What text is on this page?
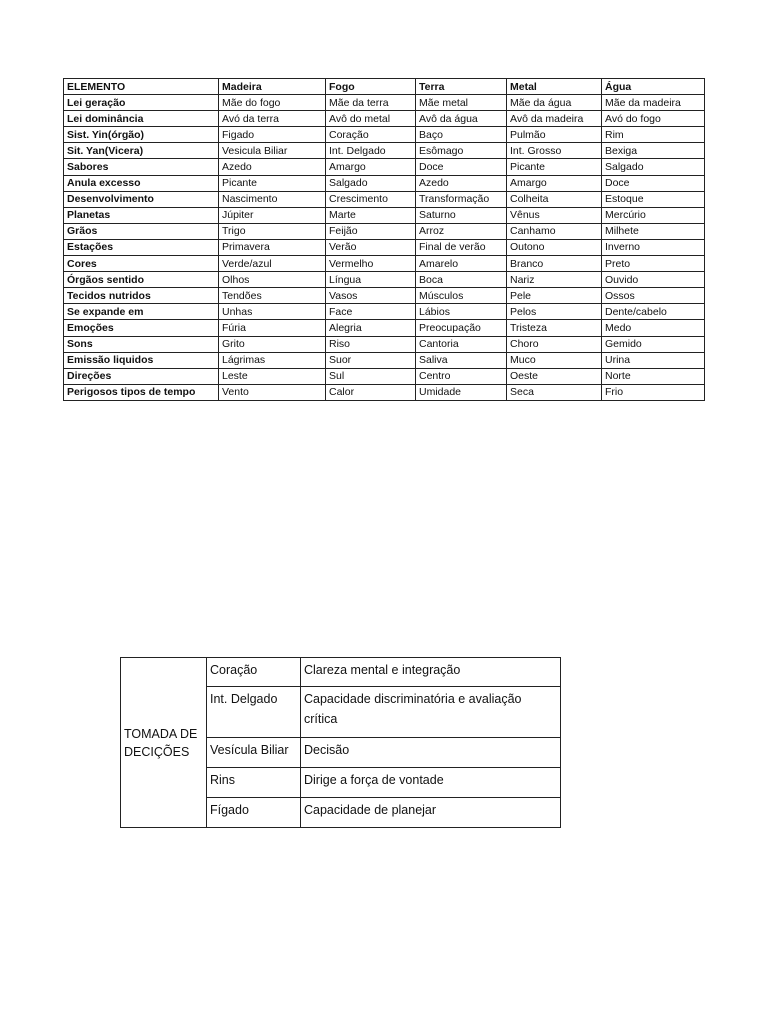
ELEMENTO	Madeira	Fogo	Terra	Metal	Água
Lei geração	Mãe do fogo	Mãe da terra	Mãe metal	Mãe da água	Mãe da madeira
Lei dominância	Avó da terra	Avô do metal	Avô da água	Avô da madeira	Avó do fogo
Sist. Yin(órgão)	Figado	Coração	Baço	Pulmão	Rim
Sit. Yan(Vicera)	Vesicula Biliar	Int. Delgado	Esômago	Int. Grosso	Bexiga
Sabores	Azedo	Amargo	Doce	Picante	Salgado
Anula excesso	Picante	Salgado	Azedo	Amargo	Doce
Desenvolvimento	Nascimento	Crescimento	Transformação	Colheita	Estoque
Planetas	Júpiter	Marte	Saturno	Vênus	Mercúrio
Grãos	Trigo	Feijão	Arroz	Canhamo	Milhete
Estações	Primavera	Verão	Final de verão	Outono	Inverno
Cores	Verde/azul	Vermelho	Amarelo	Branco	Preto
Órgãos sentido	Olhos	Língua	Boca	Nariz	Ouvido
Tecidos nutridos	Tendões	Vasos	Músculos	Pele	Ossos
Se expande em	Unhas	Face	Lábios	Pelos	Dente/cabelo
Emoções	Fúria	Alegria	Preocupação	Tristeza	Medo
Sons	Grito	Riso	Cantoria	Choro	Gemido
Emissão liquidos	Lágrimas	Suor	Saliva	Muco	Urina
Direções	Leste	Sul	Centro	Oeste	Norte
Perigosos tipos de tempo	Vento	Calor	Umidade	Seca	Frio
TOMADA DE DECIÇÕES	Coração	Clareza mental e integração
	Int. Delgado	Capacidade discriminatória e avaliação crítica
	Vesícula Biliar	Decisão
	Rins	Dirige a força de vontade
	Fígado	Capacidade de planejar
